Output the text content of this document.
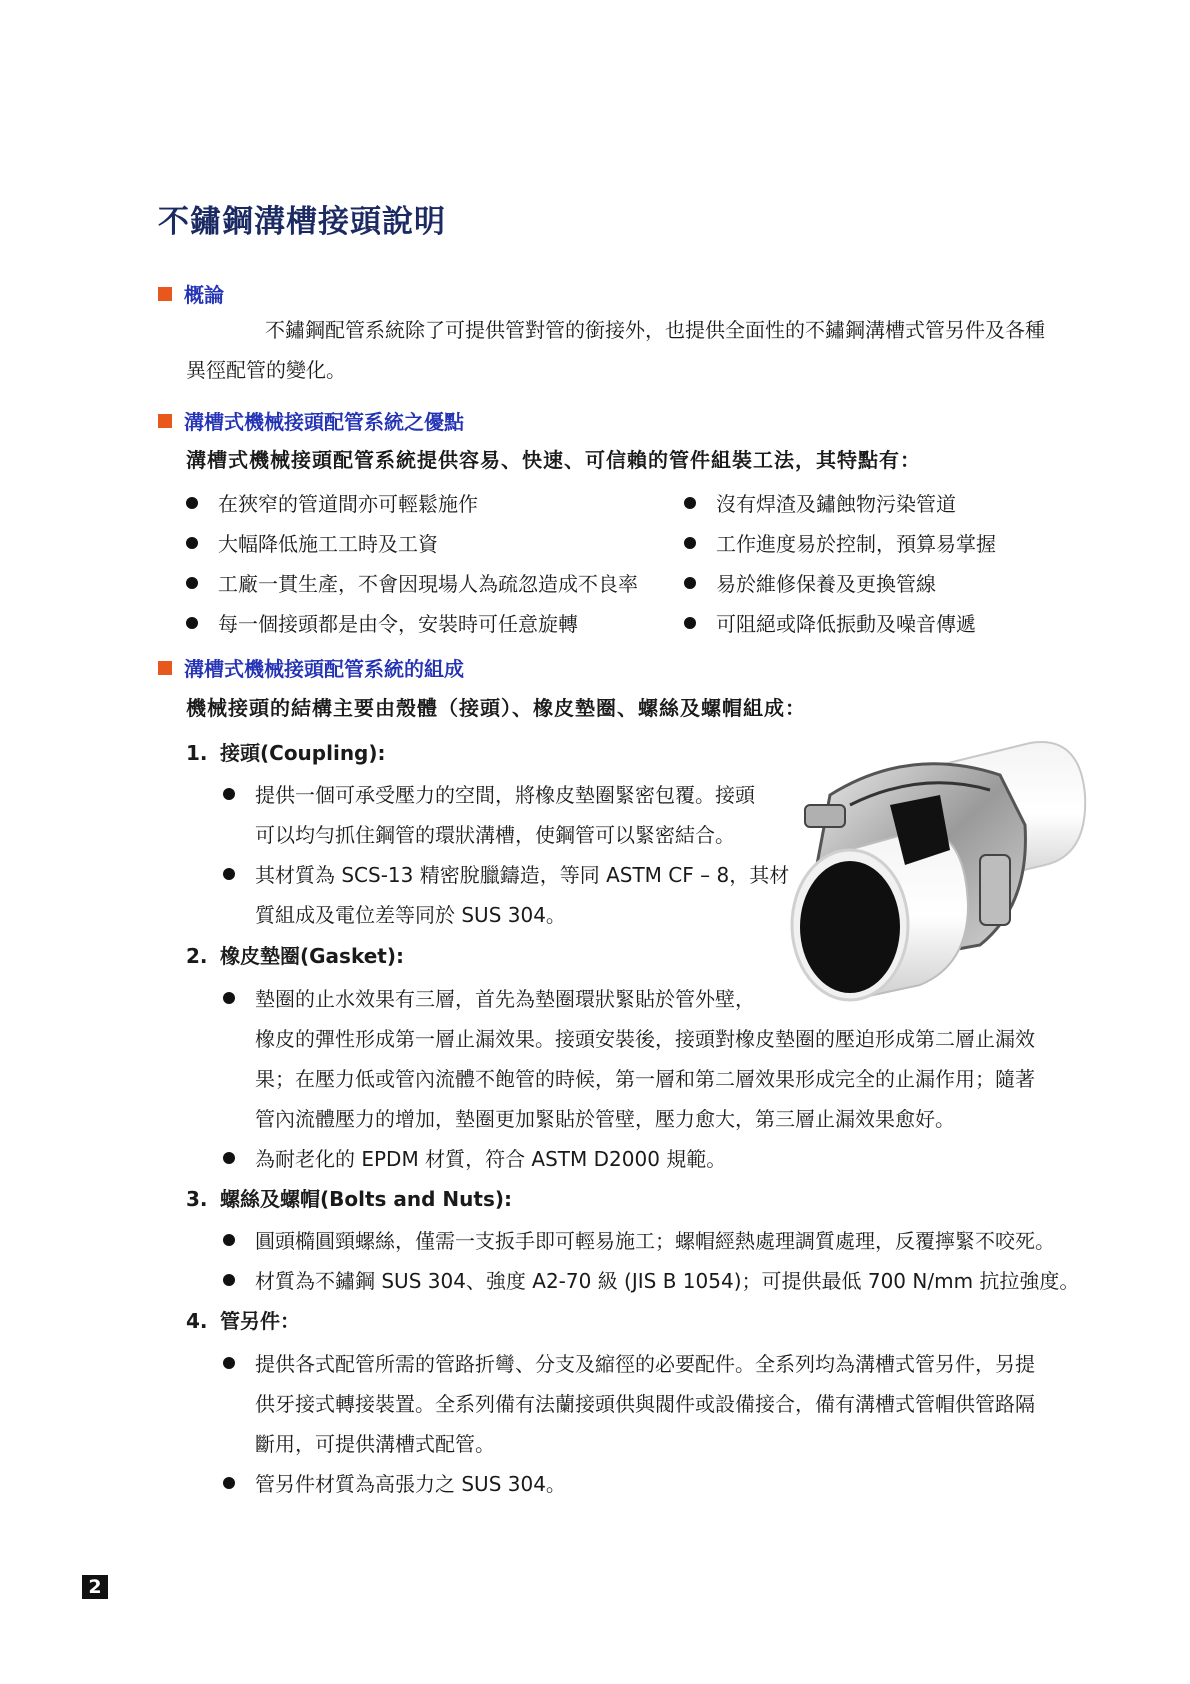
不鏽鋼溝槽接頭說明
概論
不鏽鋼配管系統除了可提供管對管的銜接外，也提供全面性的不鏽鋼溝槽式管另件及各種
異徑配管的變化。
溝槽式機械接頭配管系統之優點
溝槽式機械接頭配管系統提供容易、快速、可信賴的管件組裝工法，其特點有：
在狹窄的管道間亦可輕鬆施作
大幅降低施工工時及工資
工廠一貫生產，不會因現場人為疏忽造成不良率
每一個接頭都是由令，安裝時可任意旋轉
沒有焊渣及鏽蝕物污染管道
工作進度易於控制，預算易掌握
易於維修保養及更換管線
可阻絕或降低振動及噪音傳遞
溝槽式機械接頭配管系統的組成
機械接頭的結構主要由殼體（接頭）、橡皮墊圈、螺絲及螺帽組成：
1. 接頭(Coupling):
提供一個可承受壓力的空間，將橡皮墊圈緊密包覆。接頭
可以均勻抓住鋼管的環狀溝槽，使鋼管可以緊密結合。
其材質為 SCS-13 精密脫臘鑄造，等同 ASTM CF – 8，其材
質組成及電位差等同於 SUS 304。
2. 橡皮墊圈(Gasket):
墊圈的止水效果有三層，首先為墊圈環狀緊貼於管外壁，
橡皮的彈性形成第一層止漏效果。接頭安裝後，接頭對橡皮墊圈的壓迫形成第二層止漏效
果；在壓力低或管內流體不飽管的時候，第一層和第二層效果形成完全的止漏作用；隨著
管內流體壓力的增加，墊圈更加緊貼於管壁，壓力愈大，第三層止漏效果愈好。
為耐老化的 EPDM 材質，符合 ASTM D2000 規範。
3. 螺絲及螺帽(Bolts and Nuts):
圓頭橢圓頸螺絲，僅需一支扳手即可輕易施工；螺帽經熱處理調質處理，反覆擰緊不咬死。
材質為不鏽鋼 SUS 304、強度 A2-70 級 (JIS B 1054)；可提供最低 700 N/mm 抗拉強度。
4. 管另件：
提供各式配管所需的管路折彎、分支及縮徑的必要配件。全系列均為溝槽式管另件，另提
供牙接式轉接裝置。全系列備有法蘭接頭供與閥件或設備接合，備有溝槽式管帽供管路隔
斷用，可提供溝槽式配管。
管另件材質為高張力之 SUS 304。
2
